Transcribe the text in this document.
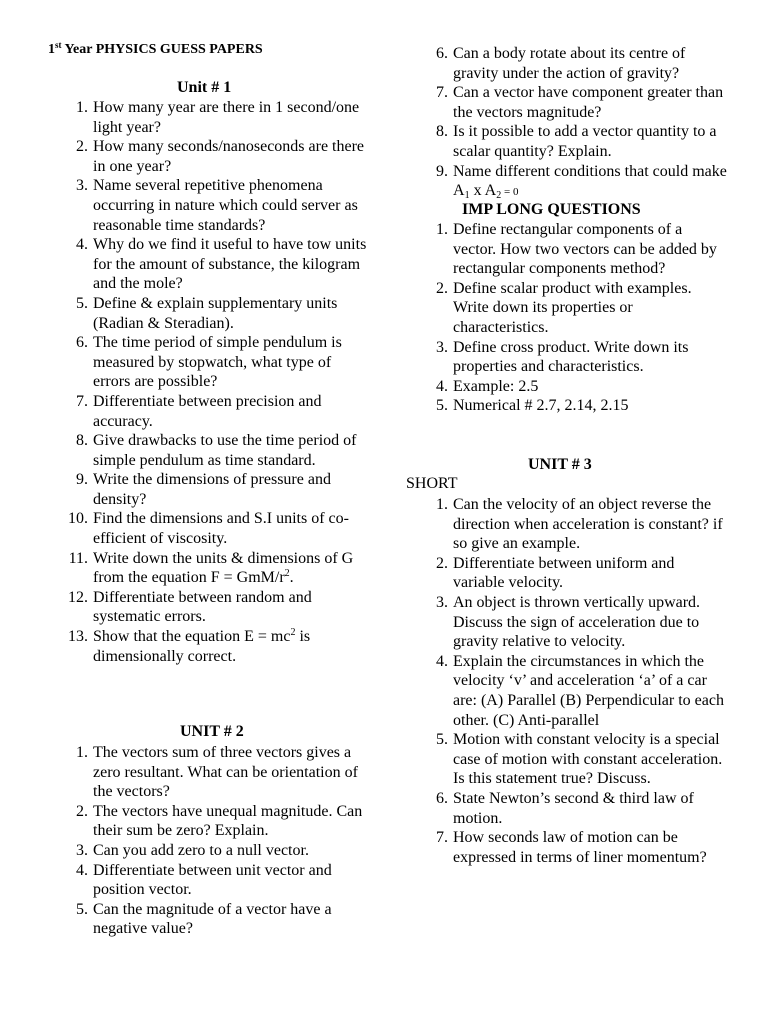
1st Year PHYSICS GUESS PAPERS
Unit # 1
1. How many year are there in 1 second/one light year?
2. How many seconds/nanoseconds are there in one year?
3. Name several repetitive phenomena occurring in nature which could server as reasonable time standards?
4. Why do we find it useful to have tow units for the amount of substance, the kilogram and the mole?
5. Define & explain supplementary units (Radian & Steradian).
6. The time period of simple pendulum is measured by stopwatch, what type of errors are possible?
7. Differentiate between precision and accuracy.
8. Give drawbacks to use the time period of simple pendulum as time standard.
9. Write the dimensions of pressure and density?
10. Find the dimensions and S.I units of co-efficient of viscosity.
11. Write down the units & dimensions of G from the equation F = GmM/$r^2$.
12. Differentiate between random and systematic errors.
13. Show that the equation $E = mc^2$ is dimensionally correct.
UNIT # 2
1. The vectors sum of three vectors gives a zero resultant. What can be orientation of the vectors?
2. The vectors have unequal magnitude. Can their sum be zero? Explain.
3. Can you add zero to a null vector.
4. Differentiate between unit vector and position vector.
5. Can the magnitude of a vector have a negative value?
6. Can a body rotate about its centre of gravity under the action of gravity?
7. Can a vector have component greater than the vectors magnitude?
8. Is it possible to add a vector quantity to a scalar quantity? Explain.
9. Name different conditions that could make $A_1$ x $A_2 = 0$
IMP LONG QUESTIONS
1. Define rectangular components of a vector. How two vectors can be added by rectangular components method?
2. Define scalar product with examples. Write down its properties or characteristics.
3. Define cross product. Write down its properties and characteristics.
4. Example: 2.5
5. Numerical # 2.7, 2.14, 2.15
UNIT # 3
SHORT
1. Can the velocity of an object reverse the direction when acceleration is constant? if so give an example.
2. Differentiate between uniform and variable velocity.
3. An object is thrown vertically upward. Discuss the sign of acceleration due to gravity relative to velocity.
4. Explain the circumstances in which the velocity ‘v’ and acceleration ‘a’ of a car are: (A) Parallel (B) Perpendicular to each other. (C) Anti-parallel
5. Motion with constant velocity is a special case of motion with constant acceleration. Is this statement true? Discuss.
6. State Newton’s second & third law of motion.
7. How seconds law of motion can be expressed in terms of liner momentum?
